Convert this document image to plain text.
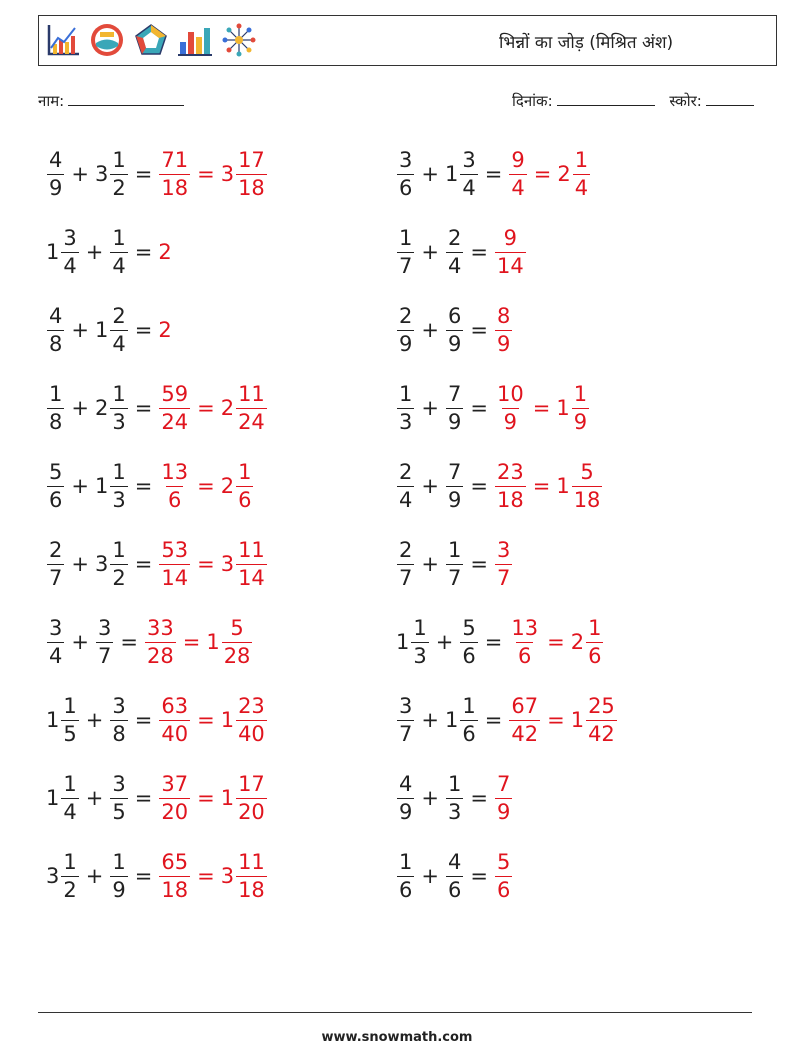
भिन्नों का जोड़ (मिश्रित अंश)
नाम:	दिनांक:	स्कोर:
$\frac{4}{9} + 3 \frac{1}{2} = \frac{71}{18} = 3 \frac{17}{18}$	$\frac{3}{6} + 1 \frac{3}{4} = \frac{9}{4} = 2 \frac{1}{4}$
$1 \frac{3}{4} + \frac{1}{4} = 2$	$\frac{1}{7} + \frac{2}{4} = \frac{9}{14}$
$\frac{4}{8} + 1 \frac{2}{4} = 2$	$\frac{2}{9} + \frac{6}{9} = \frac{8}{9}$
$\frac{1}{8} + 2 \frac{1}{3} = \frac{59}{24} = 2 \frac{11}{24}$	$\frac{1}{3} + \frac{7}{9} = \frac{10}{9} = 1 \frac{1}{9}$
$\frac{5}{6} + 1 \frac{1}{3} = \frac{13}{6} = 2 \frac{1}{6}$	$\frac{2}{4} + \frac{7}{9} = \frac{23}{18} = 1 \frac{5}{18}$
$\frac{2}{7} + 3 \frac{1}{2} = \frac{53}{14} = 3 \frac{11}{14}$	$\frac{2}{7} + \frac{1}{7} = \frac{3}{7}$
$\frac{3}{4} + \frac{3}{7} = \frac{33}{28} = 1 \frac{5}{28}$	$1 \frac{1}{3} + \frac{5}{6} = \frac{13}{6} = 2 \frac{1}{6}$
$1 \frac{1}{5} + \frac{3}{8} = \frac{63}{40} = 1 \frac{23}{40}$	$\frac{3}{7} + 1 \frac{1}{6} = \frac{67}{42} = 1 \frac{25}{42}$
$1 \frac{1}{4} + \frac{3}{5} = \frac{37}{20} = 1 \frac{17}{20}$	$\frac{4}{9} + \frac{1}{3} = \frac{7}{9}$
$3 \frac{1}{2} + \frac{1}{9} = \frac{65}{18} = 3 \frac{11}{18}$	$\frac{1}{6} + \frac{4}{6} = \frac{5}{6}$
www.snowmath.com
